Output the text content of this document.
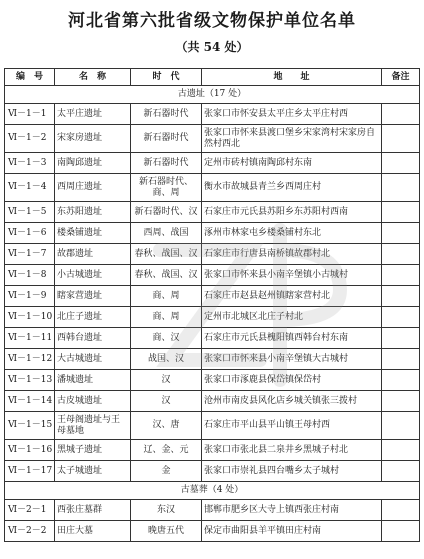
河北省第六批省级文物保护单位名单
（共 54 处）
编　号	名　称	时　代	地　　址	备注
古遗址（17 处）				
Ⅵ－1－1	太平庄遗址	新石器时代	张家口市怀安县太平庄乡太平庄村西	
Ⅵ－1－2	宋家房遗址	新石器时代	张家口市怀来县渡口堡乡宋家湾村宋家房自然村西北	
Ⅵ－1－3	南陶邱遗址	新石器时代	定州市砖村镇南陶邱村东南	
Ⅵ－1－4	西周庄遗址	新石器时代、商、周	衡水市故城县青兰乡西周庄村	
Ⅵ－1－5	东苏阳遗址	新石器时代、汉	石家庄市元氏县苏阳乡东苏阳村西南	
Ⅵ－1－6	楼桑铺遗址	西周、战国	涿州市林家屯乡楼桑铺村东北	
Ⅵ－1－7	故郡遗址	春秋、战国、汉	石家庄市行唐县南桥镇故郡村北	
Ⅵ－1－8	小古城遗址	春秋、战国、汉	张家口市怀来县小南辛堡镇小古城村	
Ⅵ－1－9	瞎家营遗址	商、周	石家庄市赵县赵州镇瞎家营村北	
Ⅵ－1－10	北庄子遗址	商、周	定州市北城区北庄子村北	
Ⅵ－1－11	西韩台遗址	商、汉	石家庄市元氏县槐阳镇西韩台村东南	
Ⅵ－1－12	大古城遗址	战国、汉	张家口市怀来县小南辛堡镇大古城村	
Ⅵ－1－13	潘城遗址	汉	张家口市涿鹿县保岱镇保岱村	
Ⅵ－1－14	古皮城遗址	汉	沧州市南皮县风化店乡城关镇张三拨村	
Ⅵ－1－15	王母阁遗址与王母墓地	汉、唐	石家庄市平山县平山镇王母村西	
Ⅵ－1－16	黑城子遗址	辽、金、元	张家口市张北县二泉井乡黑城子村北	
Ⅵ－1－17	太子城遗址	金	张家口市崇礼县四台嘴乡太子城村	
古墓葬（4 处）				
Ⅵ－2－1	西张庄墓群	东汉	邯郸市肥乡区大寺上镇西张庄村南	
Ⅵ－2－2	田庄大墓	晚唐五代	保定市曲阳县羊平镇田庄村南	
